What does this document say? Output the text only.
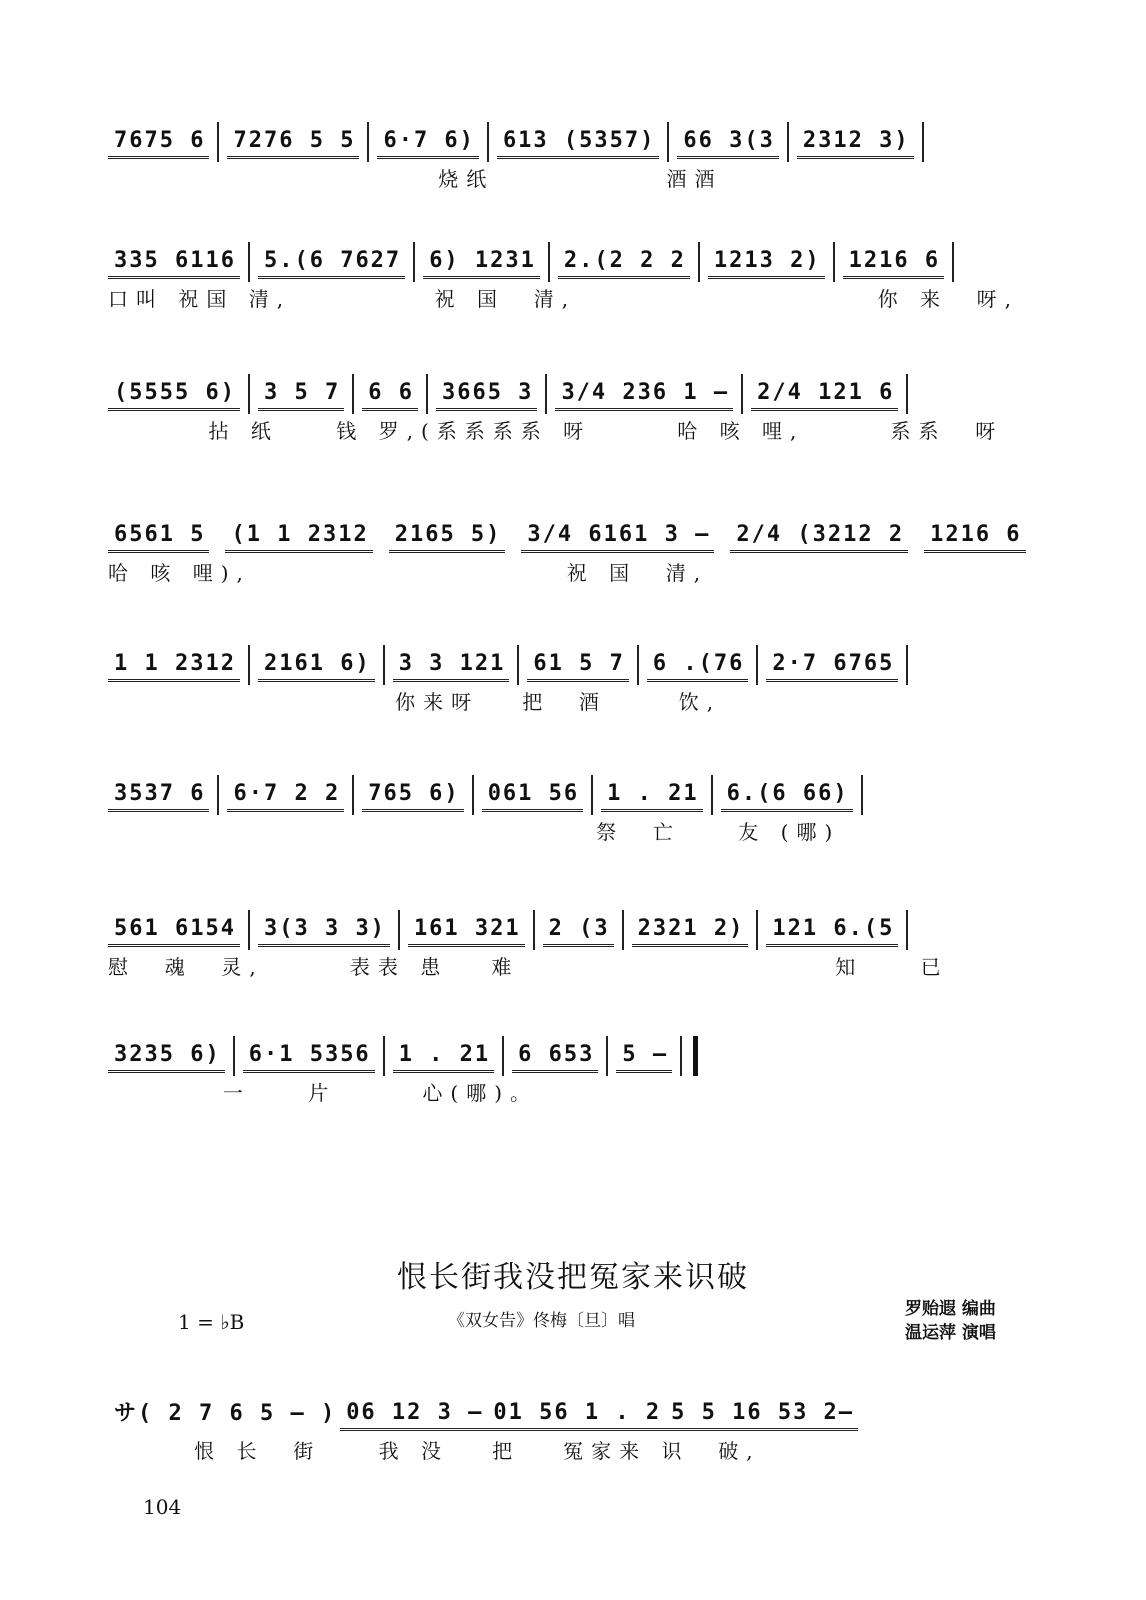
7675 6 7276 5 5 6·7 6) 613 (5357) 66 3(3 2312 3)
烧纸            酒酒
335 6116 5.(6 7627 6) 1231 2.(2 2 2 1213 2) 1216 6
口叫 祝国 清,          祝 国  清,                     你 来  呀,
(5555 6) 3 5 7 6 6 3665 3 3/4 236 1 — 2/4 121 6
拈 纸    钱 罗,(系系系系 呀      哈 咳 哩,      系系  呀
6561 5 (1 1 2312 2165 5) 3/4 6161 3 — 2/4 (3212 2 1216 6
哈 咳 哩),                      祝 国  清,
1 1 2312 2161 6) 3 3 121 61 5 7 6 .(76 2·7 6765
你来呀   把  酒     饮,
3537 6 6·7 2 2 765 6) 061 56 1 . 21 6.(6 66)
祭  亡    友 (哪)
561 6154 3(3 3 3) 161 321 2 (3 2321 2) 121 6.(5
慰  魂  灵,      表表 患   难                      知    已
3235 6) 6·1 5356 1 . 21 6 653 5 —
一    片      心(哪)。
恨长街我没把冤家来识破
1 = ♭B	《双女告》佟梅〔旦〕唱
罗贻遐 编曲
温运萍 演唱
サ( 2 7 6 5 — ) 06 12 3 — 01 56 1 . 2 5 5 16 53 2—
恨 长  街    我 没   把   冤家来 识  破,
104
